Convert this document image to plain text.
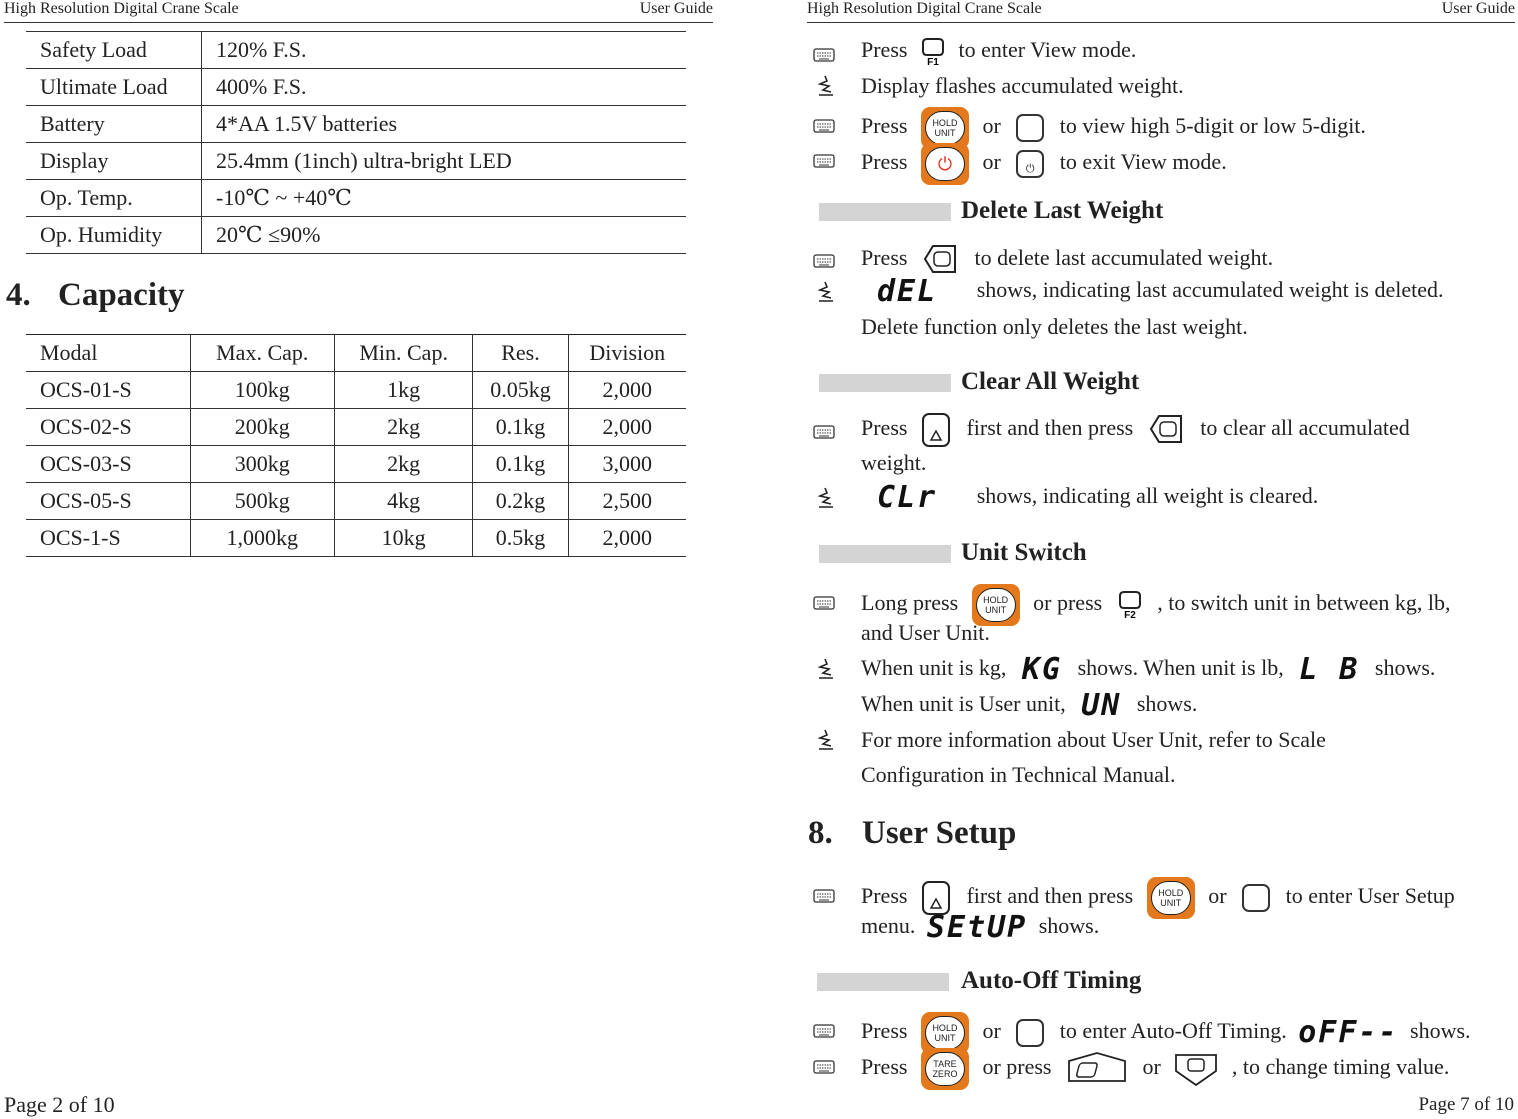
High Resolution Digital Crane Scale	User Guide	High Resolution Digital Crane Scale	User Guide
Safety Load	120% F.S.
Ultimate Load	400% F.S.
Battery	4*AA 1.5V batteries
Display	25.4mm (1inch) ultra-bright LED
Op. Temp.	-10℃ ~ +40℃
Op. Humidity	20℃ ≤90%
4. Capacity
Modal	Max. Cap.	Min. Cap.	Res.	Division
OCS-01-S	100kg	1kg	0.05kg	2,000
OCS-02-S	200kg	2kg	0.1kg	2,000
OCS-03-S	300kg	2kg	0.1kg	3,000
OCS-05-S	500kg	4kg	0.2kg	2,500
OCS-1-S	1,000kg	10kg	0.5kg	2,000
Page 2 of 10	Page 7 of 10
Press
F1
to enter View mode.
Display flashes accumulated weight.
Press	HOLD
UNIT or	to view high 5-digit or low 5-digit.
Press	⏻	or ⏻ to exit View mode.
Delete Last Weight
Press	to delete last accumulated weight.
dEL shows, indicating last accumulated weight is deleted.
Delete function only deletes the last weight.
Clear All Weight
Press	first and then press	to clear all accumulated
weight.
CLr shows, indicating all weight is cleared.
Unit Switch
Long press	HOLD
UNIT or press
F2
, to switch unit in between kg, lb,
and User Unit.
When unit is kg, KG shows. When unit is lb, L B shows.
When unit is User unit, UN shows.
For more information about User Unit, refer to Scale
Configuration in Technical Manual.
8. User Setup
Press	first and then press	HOLD
UNIT or	to enter User Setup
menu. SEtUP shows.
Auto-Off Timing
Press	HOLD
UNIT or	to enter Auto-Off Timing. oFF-- shows.
Press	TARE
ZERO or press	or	, to change timing value.
